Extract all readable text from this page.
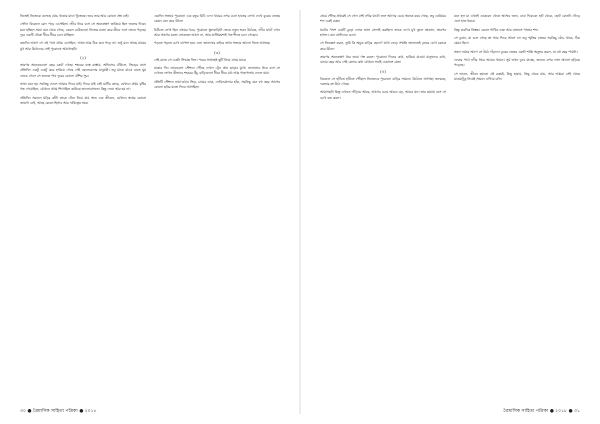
নিজেই নিজেকে বলেছে বেঁচে থাকার মানে খুঁজেছে। তবে তার আর কোনো প্রশ্ন নেই।

সেদিন বিকেলে রোদ পড়ে এসেছিল। নদীর ধারে বসে সে অনেকক্ষণ তাকিয়ে ছিল জলের দিকে। মনে হচ্ছিল সময় যেন থেমে গেছে, কেবল ঢেউগুলো নিজের মতো করে তীরে এসে ভেঙে পড়ছে। দূরে একটি নৌকা ধীরে ধীরে চলে যাচ্ছিল।

কতদিন আগে সে এই পথে প্রথম এসেছিল, আজ আর ঠিক মনে পড়ে না। শুধু মনে আছে মায়ের মুখ আর উঠোনের সেই পুরোনো আমগাছটা।

(২)

তারপর অনেকগুলো বছর কেটে গেছে। শহরের ব্যস্ত রাস্তায়, অফিসের টেবিলে, ভিড়ের বাসে প্রতিদিন একটু একটু করে হারিয়ে গেছে সেই ছেলেবেলার মানুষটা। তবু মাঝে মাঝে রাতে ঘুম ভেঙে গেলে সে শুনতে পায় দূরের কোনো বাঁশির সুর।

তখন মনে হয় সবকিছু ফেলে আবার ফিরে যাই। ফিরে যাই সেই মাটির কাছে, যেখানে প্রথম বৃষ্টির গন্ধ পেয়েছিল, যেখানে প্রথম শিখেছিল কাউকে ভালোবাসতে। কিন্তু ফেরা আর হয় না।

প্রতিদিন সকালে ঘড়ির কাঁটা তাকে টেনে নিয়ে যায় অন্য এক জীবনে, যেখানে স্বপ্নের কোনো জায়গা নেই, আছে কেবল হিসাব আর দায়িত্বের ভার।

একদিন সন্ধ্যায় পুরোনো এক বন্ধুর চিঠি এল। খামের ওপর চেনা হাতের লেখা দেখে বুকের ভেতর কেমন যেন করে উঠল।

চিঠিতে লেখা ছিল গ্রামের খবর, পুরোনো স্কুলবাড়িটা ভেঙে নতুন ভবন উঠেছে, নদীর ঘাটে এখন আর আগের মতো লোকজন আসে না, আর মাস্টারমশাই গত শীতে চলে গেছেন।

পড়তে পড়তে চোখ ঝাপসা হয়ে এল। জানালার বাইরে তখন সন্ধ্যার আলো নিভে আসছে।

(৩)

সেই রাতে সে একটা সিদ্ধান্ত নিল। পরের সপ্তাহেই ছুটি নিয়ে গ্রামে যাবে।

যাত্রার দিন ভোরবেলা স্টেশনে পৌঁছে দেখল ট্রেন প্রায় ছাড়ার মুখে। জানালার ধারে বসে সে দেখতে লাগল কীভাবে শহরের উঁচু বাড়িগুলো ধীরে ধীরে মাঠ আর গাছপালায় বদলে যায়।

প্রতিটি স্টেশনে নামা-ওঠার ভিড়, চায়ের ডাক, ফেরিওয়ালার হাঁক, সবকিছু যেন বহু বছর আগের কোনো ছবির মতো ফিরে আসছিল।

৩০ ● ত্রৈমাসিক সাহিত্য পত্রিকা ● ২০১৮

গ্রামে পৌঁছে প্রথমেই সে গেল সেই নদীর ঘাটে। জল আগের চেয়ে অনেক কমে গেছে, তবু ঢেউয়ের শব্দ একই রকম।

ঘাটের পাশে একটি বুড়ো লোক জাল সেলাই করছিল। তাকে দেখে মুখ তুলে তাকাল, তারপর হাসল। যেন বহুদিনের চেনা।

সে জিজ্ঞেস করল, তুমি কি অমুক বাড়ির ছেলে? মাথা নেড়ে সম্মতি জানাতেই বৃদ্ধের চোখ চকচক করে উঠল।

তারপর অনেকক্ষণ ধরে তারা গল্প করল। পুরোনো দিনের কথা, হারিয়ে যাওয়া মানুষদের কথা, বন্যার বছর আর সেই মেলার কথা যেখানে সবাই একসঙ্গে যেত।

(৪)

বিকেলে সে হাঁটতে হাঁটতে পৌঁছাল নিজেদের পুরোনো বাড়ির সামনে। উঠোনে আগাছা জন্মেছে, দরজার রং উঠে গেছে।

আমগাছটা কিন্তু এখনও দাঁড়িয়ে আছে, আগের চেয়ে আরও বড়, আরও ঘন। তার ছায়ায় বসে সে চোখ বন্ধ করল।

মনে হল মা এখনই ডাকবেন খেতে আসার জন্য, বাবা ফিরবেন হাট থেকে, ছোট বোনটা দৌড়ে এসে হাত ধরবে।

কিন্তু চারদিক নিস্তব্ধ। কেবল পাখির ডাক আর বাতাসে পাতার শব্দ।

সে বুঝল, যা চলে গেছে তা আর ফিরে আসে না। তবু স্মৃতির ভেতর সবকিছু বেঁচে থাকে, ঠিক যেমন ছিল।

সন্ধ্যা নামার আগে সে উঠে দাঁড়াল। বুকের ভেতর একটা শান্তি অনুভব করল, যা বহু বছর পায়নি।

ফেরার পথে নদীর ধারে আবার থামল। সূর্য তখন ডুবে যাচ্ছে, জলের ওপর লাল আলো ছড়িয়ে পড়েছে।

সে ভাবল, জীবন হয়তো এই রকমই, কিছু হারায়, কিছু থেকে যায়, আর আমরা সেই থেকে যাওয়াটুকু নিয়েই সামনে এগিয়ে চলি।

ত্রৈমাসিক সাহিত্য পত্রিকা ● ২০১৮ ● ৩১
